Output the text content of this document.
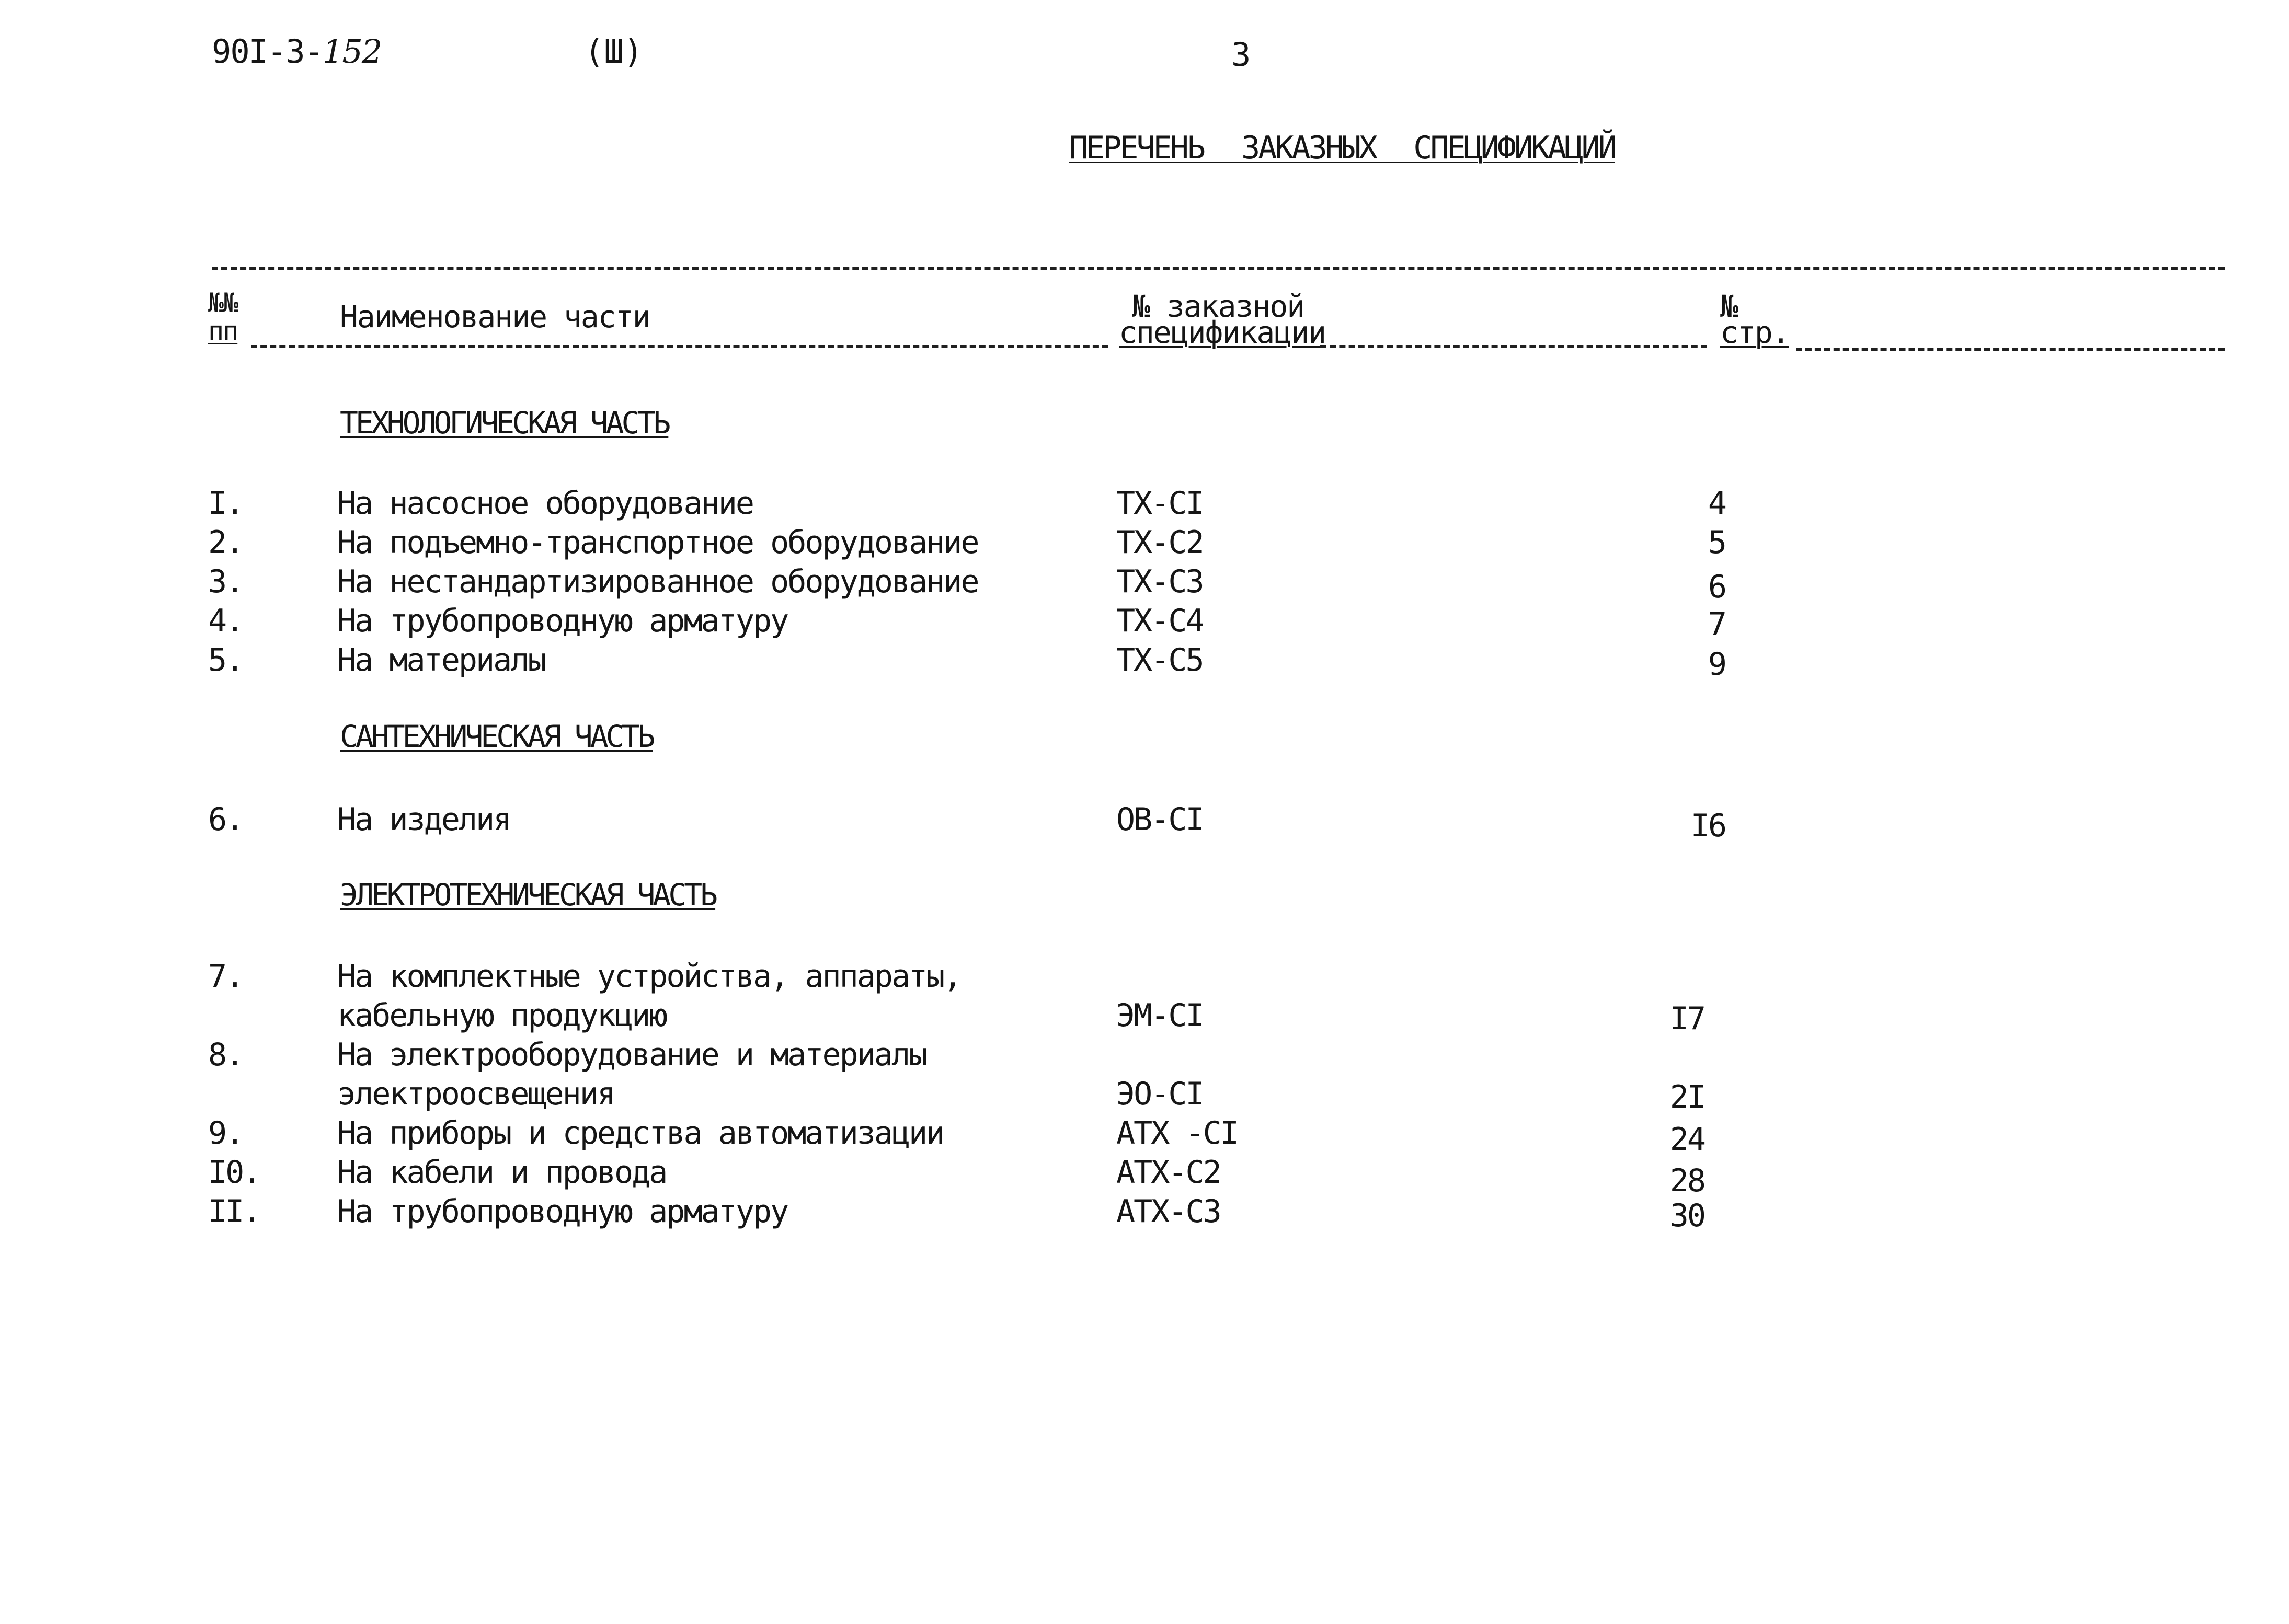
90I-3-152	(Ш)	3
ПЕРЕЧЕНЬ ЗАКАЗНЫХ СПЕЦИФИКАЦИЙ
№№
пп	Наименование части	№ заказной
спецификации
№
стр.
ТЕХНОЛОГИЧЕСКАЯ ЧАСТЬ
I.	На насосное оборудование	ТХ-СI	4
2.	На подъемно-транспортное оборудование	ТХ-С2	5
3.	На нестандартизированное оборудование	ТХ-С3	6
4.	На трубопроводную арматуру	ТХ-С4	7
5.	На материалы	ТХ-С5	9
САНТЕХНИЧЕСКАЯ ЧАСТЬ
6.	На изделия	ОВ-СI	I6
ЭЛЕКТРОТЕХНИЧЕСКАЯ ЧАСТЬ
7.	На комплектные устройства, аппараты,
кабельную продукцию	ЭМ-СI	I7
8.	На электрооборудование и материалы
электроосвещения	ЭО-СI	2I
9.	На приборы и средства автоматизации	АТХ -СI	24
I0. На кабели и провода	АТХ-С2	28
II. На трубопроводную арматуру	АТХ-С3	30
